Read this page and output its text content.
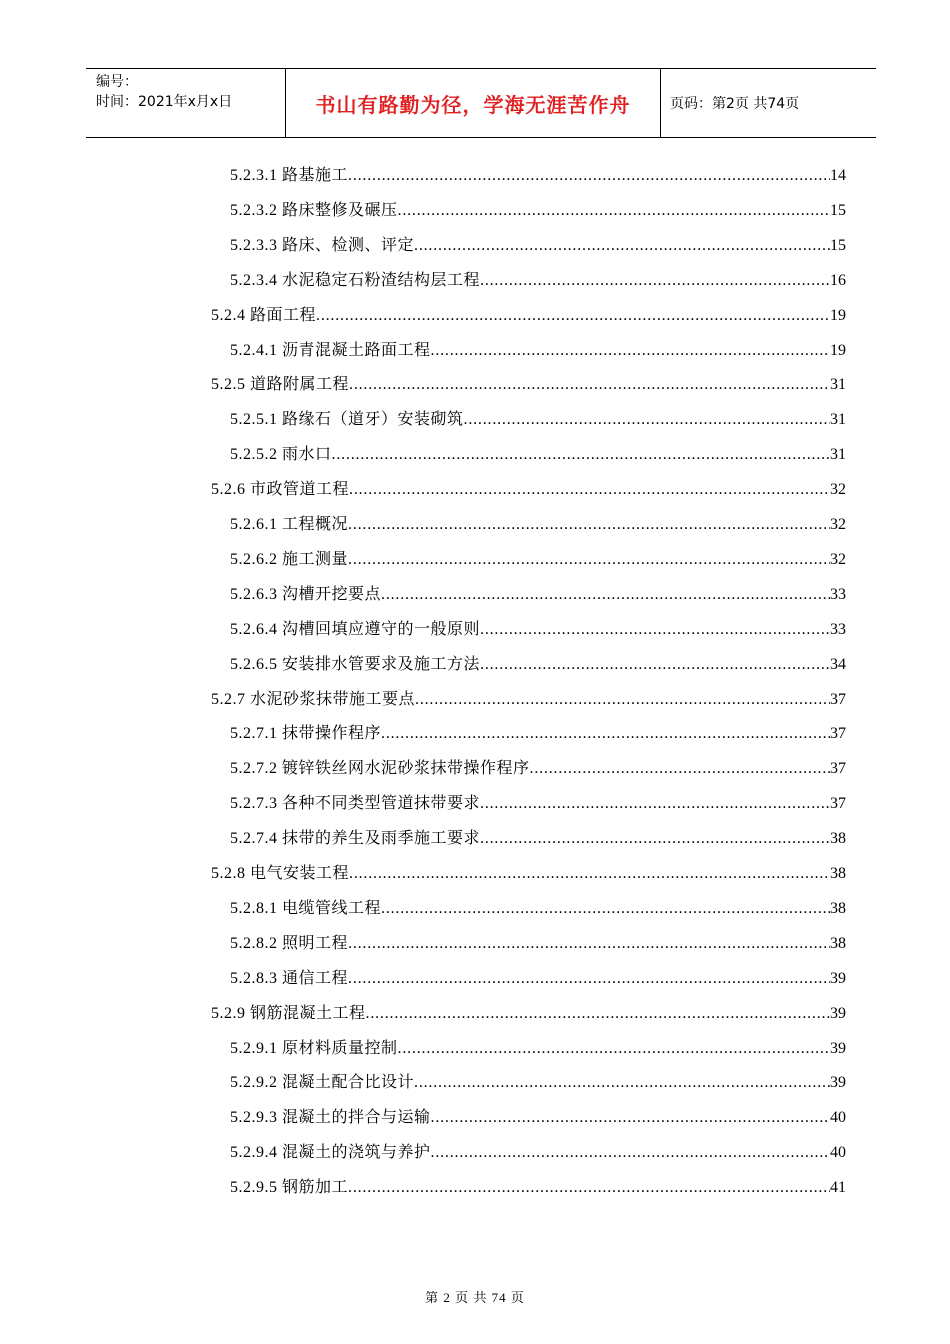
编号：
时间：2021年x月x日	书山有路勤为径，学海无涯苦作舟	页码：第2页 共74页
5.2.3.1 路基施工 .....	14
5.2.3.2 路床整修及碾压 .....	15
5.2.3.3 路床、检测、评定 .....	15
5.2.3.4 水泥稳定石粉渣结构层工程 .....	16
5.2.4 路面工程 .....	19
5.2.4.1 沥青混凝土路面工程 .....	19
5.2.5 道路附属工程 .....	31
5.2.5.1 路缘石（道牙）安装砌筑 .....	31
5.2.5.2 雨水口 .....	31
5.2.6 市政管道工程 .....	32
5.2.6.1 工程概况 .....	32
5.2.6.2 施工测量 .....	32
5.2.6.3 沟槽开挖要点 .....	33
5.2.6.4 沟槽回填应遵守的一般原则 .....	33
5.2.6.5 安装排水管要求及施工方法 .....	34
5.2.7 水泥砂浆抹带施工要点 .....	37
5.2.7.1 抹带操作程序 .....	37
5.2.7.2 镀锌铁丝网水泥砂浆抹带操作程序 .....	37
5.2.7.3 各种不同类型管道抹带要求 .....	37
5.2.7.4 抹带的养生及雨季施工要求 .....	38
5.2.8 电气安装工程 .....	38
5.2.8.1 电缆管线工程 .....	38
5.2.8.2 照明工程 .....	38
5.2.8.3 通信工程 .....	39
5.2.9 钢筋混凝土工程 .....	39
5.2.9.1 原材料质量控制 .....	39
5.2.9.2 混凝土配合比设计 .....	39
5.2.9.3 混凝土的拌合与运输 .....	40
5.2.9.4 混凝土的浇筑与养护 .....	40
5.2.9.5 钢筋加工 .....	41
第 2 页 共 74 页
